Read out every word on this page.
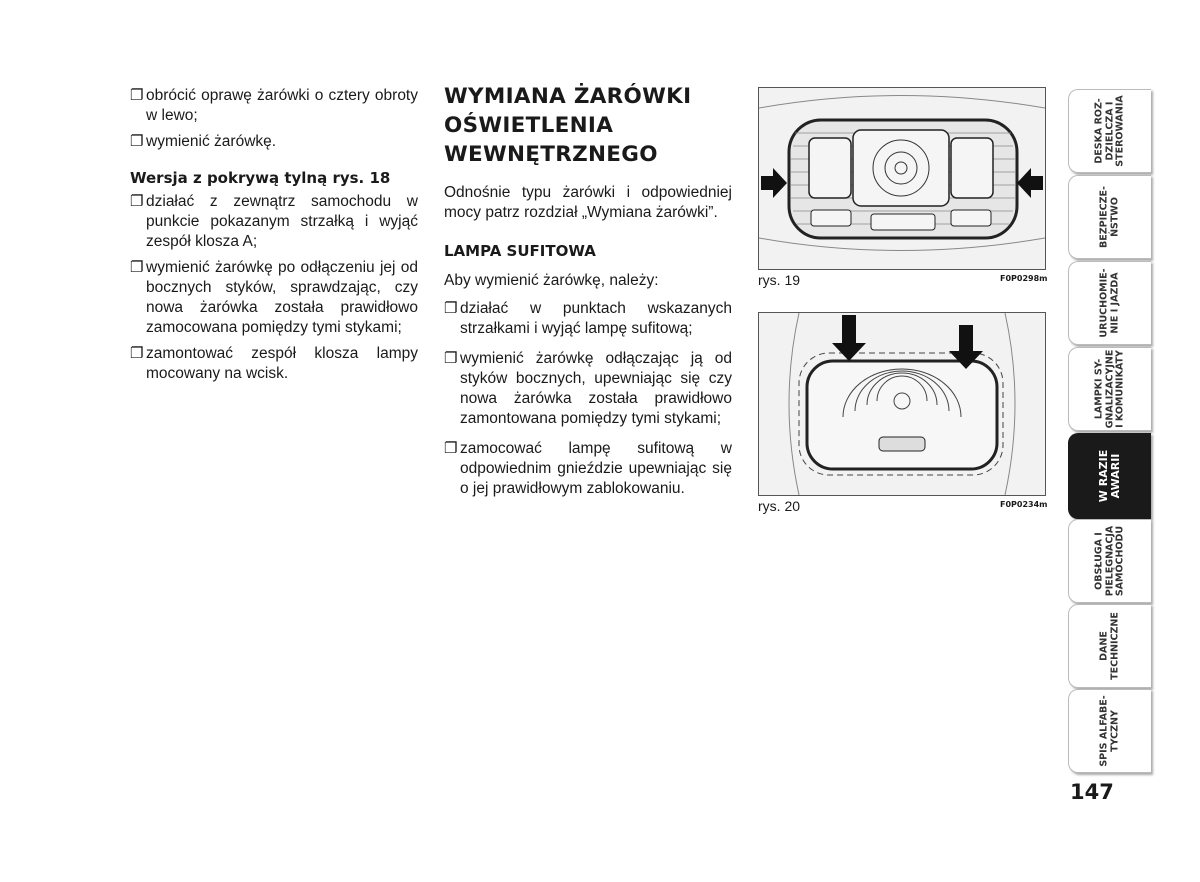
❐ obrócić oprawę żarówki o cztery obroty w lewo;
❐ wymienić żarówkę.
Wersja z pokrywą tylną rys. 18
❐ działać z zewnątrz samochodu w punkcie pokazanym strzałką i wyjąć zespół klosza A;
❐ wymienić żarówkę po odłączeniu jej od bocznych styków, sprawdzając, czy nowa żarówka została prawidłowo zamocowana pomiędzy tymi stykami;
❐ zamontować zespół klosza lampy mocowany na wcisk.
WYMIANA ŻARÓWKI
OŚWIETLENIA
WEWNĘTRZNEGO
Odnośnie typu żarówki i odpowiedniej mocy patrz rozdział „Wymiana żarówki”.
LAMPA SUFITOWA
Aby wymienić żarówkę, należy:
❐ działać w punktach wskazanych strzałkami i wyjąć lampę sufitową;
❐ wymienić żarówkę odłączając ją od styków bocznych, upewniając się czy nowa żarówka została prawidłowo zamontowana pomiędzy tymi stykami;
❐ zamocować lampę sufitową w odpowiednim gnieździe upewniając się o jej prawidłowym zablokowaniu.
rys. 19	F0P0298m
rys. 20	F0P0234m
DESKA ROZ-
DZIELCZA I
STEROWANIA
BEZPIECZE-
ŃSTWO
URUCHOMIE-
NIE I JAZDA
LAMPKI SY-
GNALIZACYJNE
I KOMUNIKATY
W RAZIE
AWARII
OBSŁUGA I
PIELĘGNACJA
SAMOCHODU
DANE
TECHNICZNE
SPIS ALFABE-
TYCZNY
147
